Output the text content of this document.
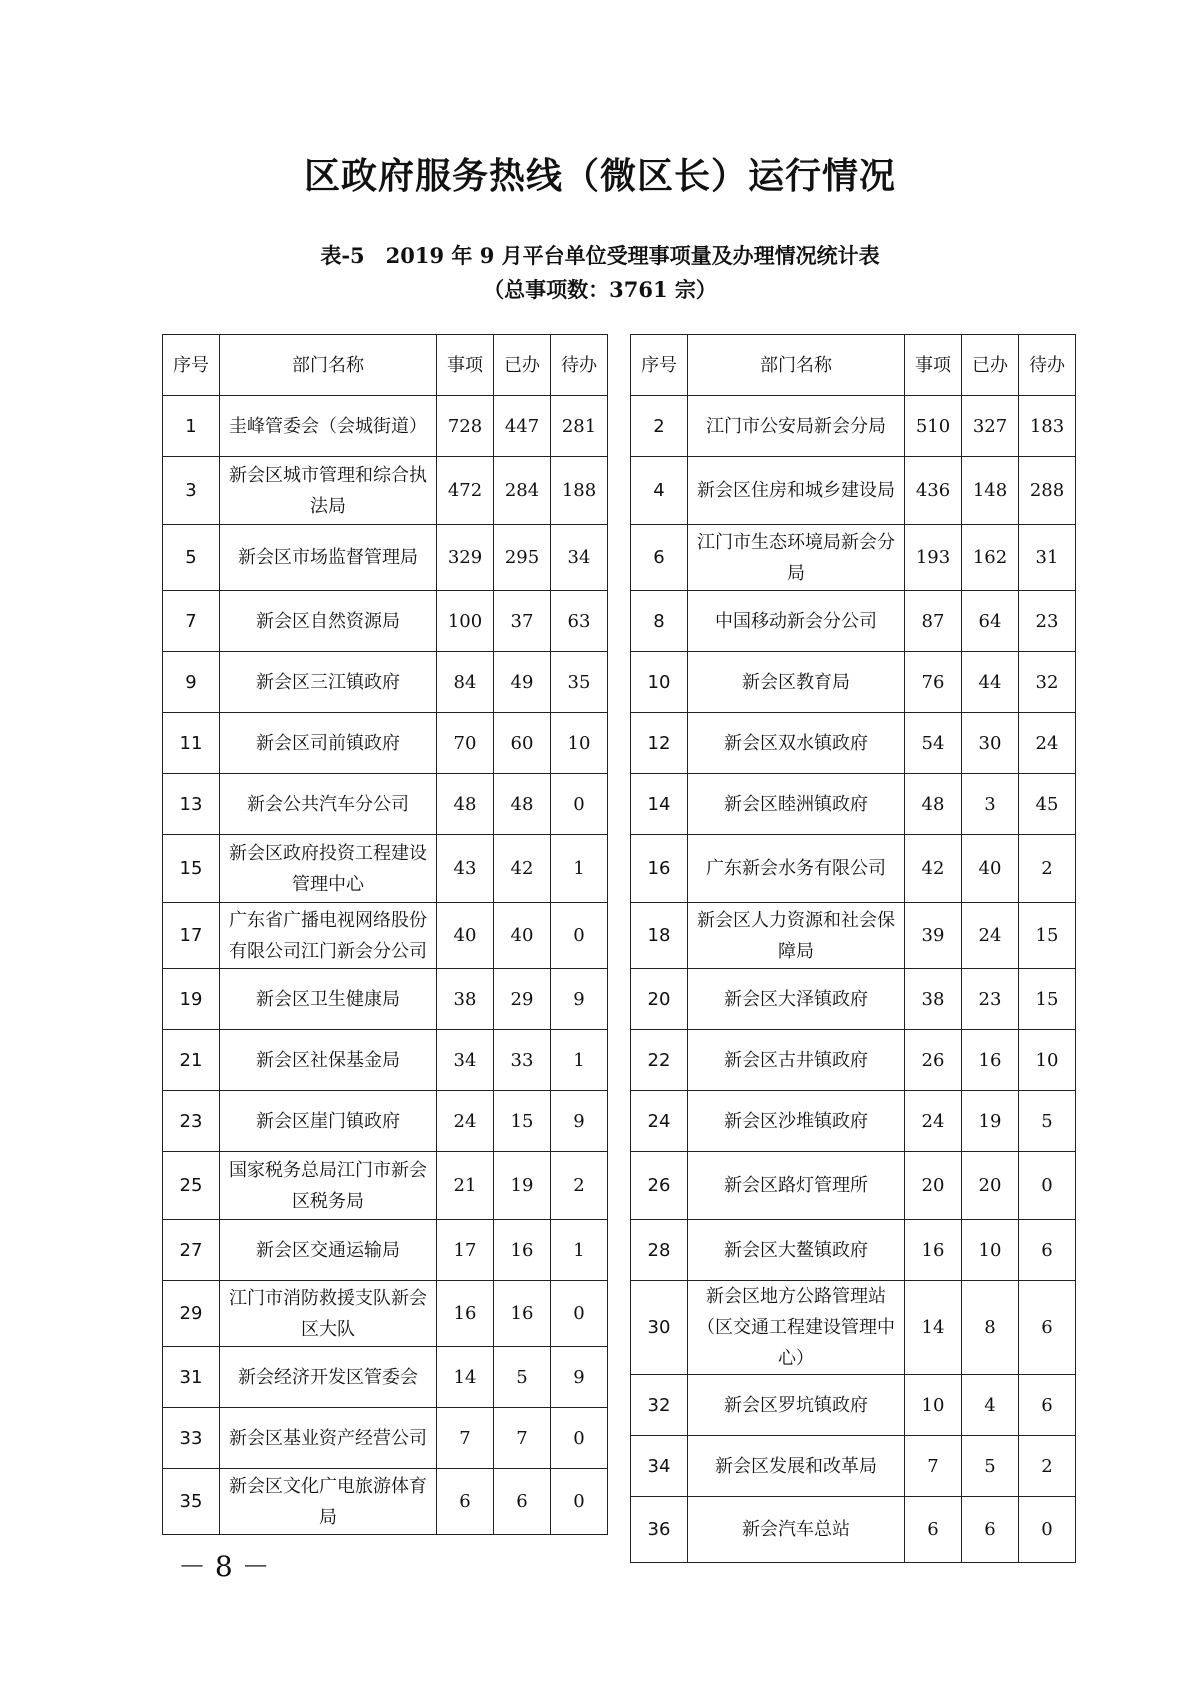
区政府服务热线（微区长）运行情况
表-5　2019 年 9 月平台单位受理事项量及办理情况统计表
（总事项数：3761 宗）
序号	部门名称	事项	已办	待办
1	圭峰管委会（会城街道）	728	447	281
3	新会区城市管理和综合执法局	472	284	188
5	新会区市场监督管理局	329	295	34
7	新会区自然资源局	100	37	63
9	新会区三江镇政府	84	49	35
11	新会区司前镇政府	70	60	10
13	新会公共汽车分公司	48	48	0
15	新会区政府投资工程建设管理中心	43	42	1
17	广东省广播电视网络股份有限公司江门新会分公司	40	40	0
19	新会区卫生健康局	38	29	9
21	新会区社保基金局	34	33	1
23	新会区崖门镇政府	24	15	9
25	国家税务总局江门市新会区税务局	21	19	2
27	新会区交通运输局	17	16	1
29	江门市消防救援支队新会区大队	16	16	0
31	新会经济开发区管委会	14	5	9
33	新会区基业资产经营公司	7	7	0
35	新会区文化广电旅游体育局	6	6	0
序号	部门名称	事项	已办	待办
2	江门市公安局新会分局	510	327	183
4	新会区住房和城乡建设局	436	148	288
6	江门市生态环境局新会分局	193	162	31
8	中国移动新会分公司	87	64	23
10	新会区教育局	76	44	32
12	新会区双水镇政府	54	30	24
14	新会区睦洲镇政府	48	3	45
16	广东新会水务有限公司	42	40	2
18	新会区人力资源和社会保障局	39	24	15
20	新会区大泽镇政府	38	23	15
22	新会区古井镇政府	26	16	10
24	新会区沙堆镇政府	24	19	5
26	新会区路灯管理所	20	20	0
28	新会区大鳌镇政府	16	10	6
30	新会区地方公路管理站（区交通工程建设管理中心）	14	8	6
32	新会区罗坑镇政府	10	4	6
34	新会区发展和改革局	7	5	2
36	新会汽车总站	6	6	0
－ 8 －
